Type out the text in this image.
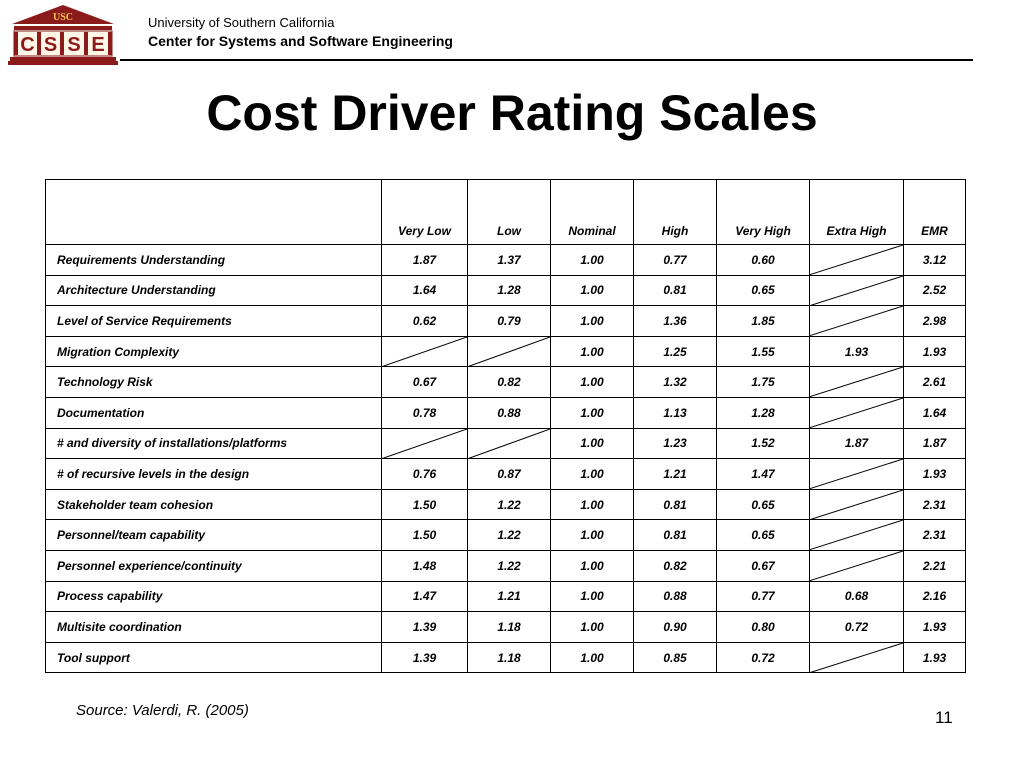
USC
C S S E
University of Southern California
Center for Systems and Software Engineering
Cost Driver Rating Scales
	Very Low	Low	Nominal	High	Very High	Extra High	EMR
Requirements Understanding	1.87	1.37	1.00	0.77	0.60		3.12
Architecture Understanding	1.64	1.28	1.00	0.81	0.65		2.52
Level of Service Requirements	0.62	0.79	1.00	1.36	1.85		2.98
Migration Complexity			1.00	1.25	1.55	1.93	1.93
Technology Risk	0.67	0.82	1.00	1.32	1.75		2.61
Documentation	0.78	0.88	1.00	1.13	1.28		1.64
# and diversity of installations/platforms			1.00	1.23	1.52	1.87	1.87
# of recursive levels in the design	0.76	0.87	1.00	1.21	1.47		1.93
Stakeholder team cohesion	1.50	1.22	1.00	0.81	0.65		2.31
Personnel/team capability	1.50	1.22	1.00	0.81	0.65		2.31
Personnel experience/continuity	1.48	1.22	1.00	0.82	0.67		2.21
Process capability	1.47	1.21	1.00	0.88	0.77	0.68	2.16
Multisite coordination	1.39	1.18	1.00	0.90	0.80	0.72	1.93
Tool support	1.39	1.18	1.00	0.85	0.72		1.93
Source: Valerdi, R. (2005)	11
